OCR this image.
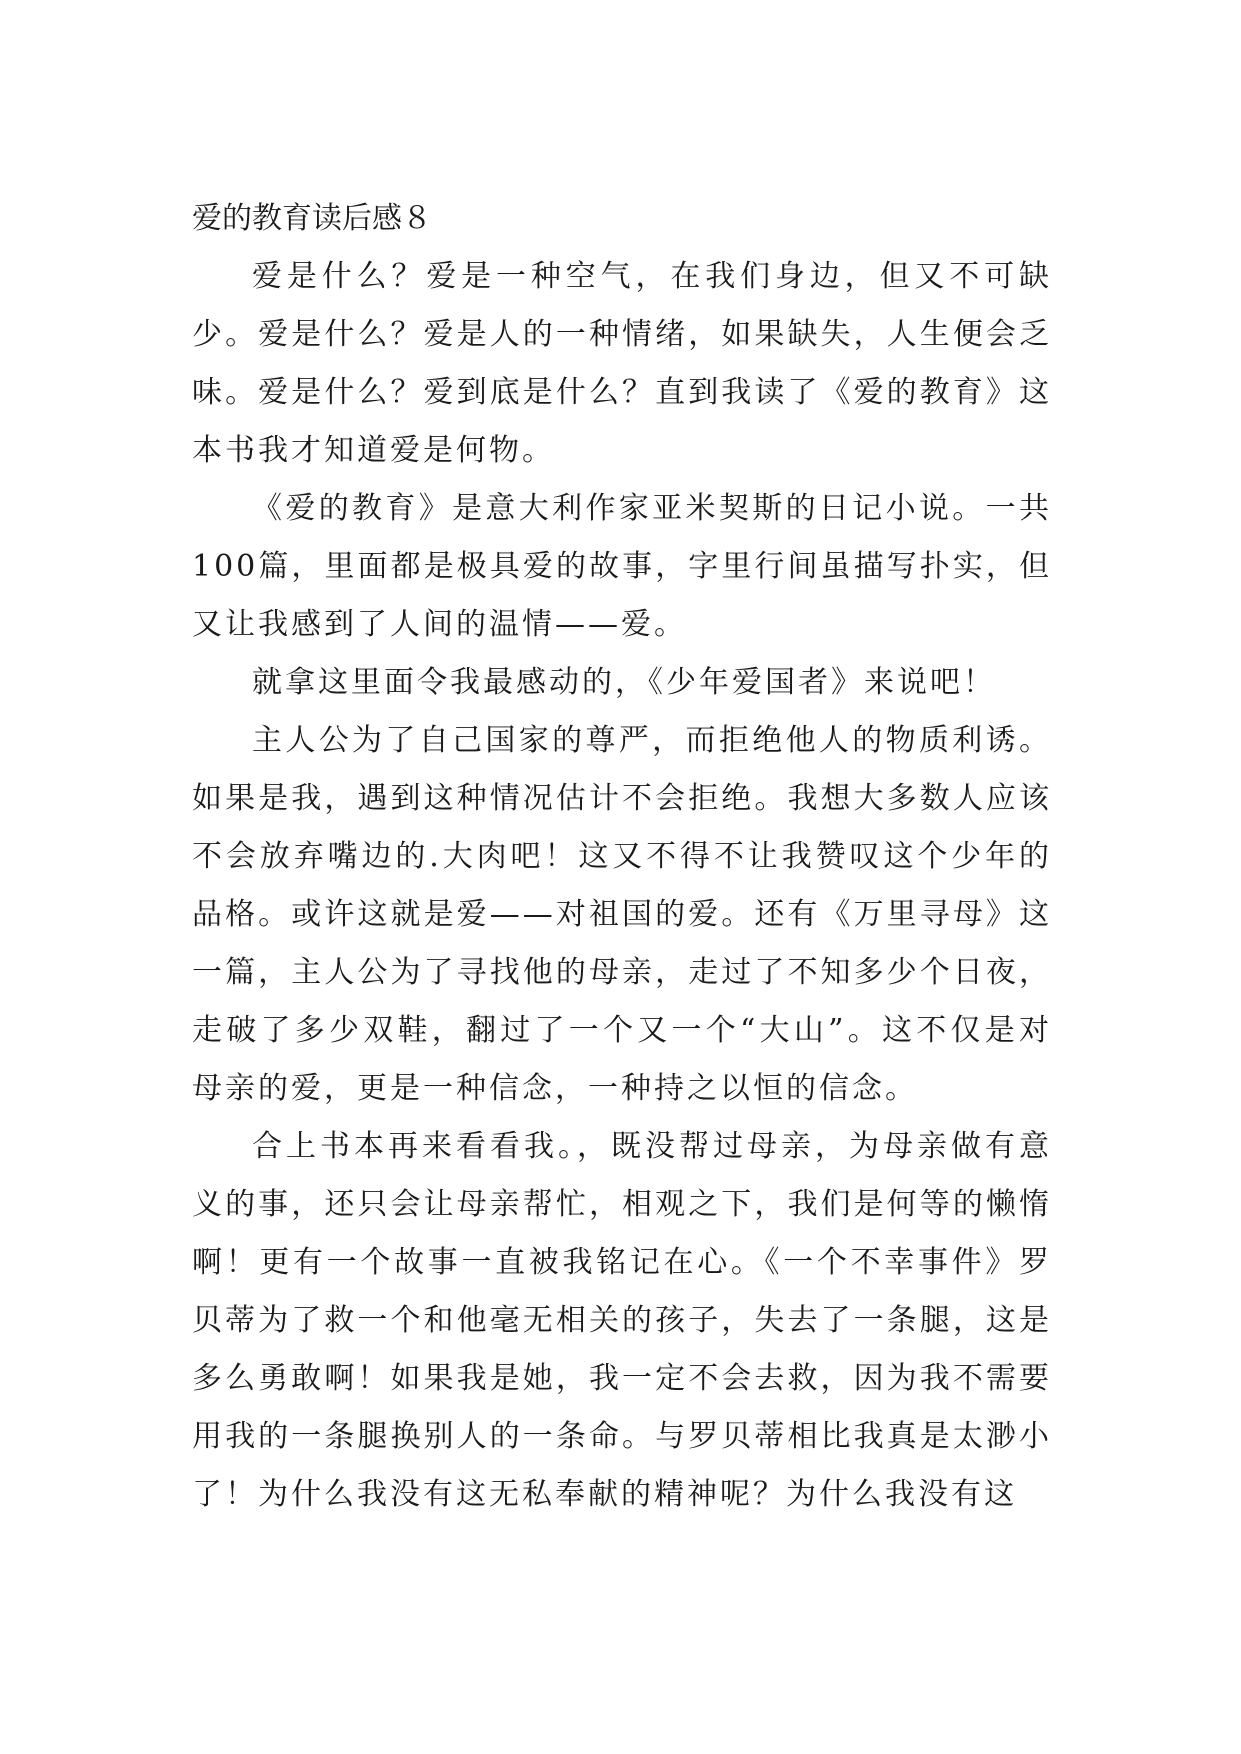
爱的教育读后感８

爱是什么？爱是一种空气，在我们身边，但又不可缺少。爱是什么？爱是人的一种情绪，如果缺失，人生便会乏味。爱是什么？爱到底是什么？直到我读了《爱的教育》这本书我才知道爱是何物。

《爱的教育》是意大利作家亚米契斯的日记小说。一共100篇，里面都是极具爱的故事，字里行间虽描写扑实，但又让我感到了人间的温情——爱。

就拿这里面令我最感动的，《少年爱国者》来说吧！

主人公为了自己国家的尊严，而拒绝他人的物质利诱。如果是我，遇到这种情况估计不会拒绝。我想大多数人应该不会放弃嘴边的.大肉吧！这又不得不让我赞叹这个少年的品格。或许这就是爱——对祖国的爱。还有《万里寻母》这一篇，主人公为了寻找他的母亲，走过了不知多少个日夜，走破了多少双鞋，翻过了一个又一个“大山”。这不仅是对母亲的爱，更是一种信念，一种持之以恒的信念。

合上书本再来看看我。，既没帮过母亲，为母亲做有意义的事，还只会让母亲帮忙，相观之下，我们是何等的懒惰啊！更有一个故事一直被我铭记在心。《一个不幸事件》罗贝蒂为了救一个和他毫无相关的孩子，失去了一条腿，这是多么勇敢啊！如果我是她，我一定不会去救，因为我不需要用我的一条腿换别人的一条命。与罗贝蒂相比我真是太渺小了！为什么我没有这无私奉献的精神呢？为什么我没有这
